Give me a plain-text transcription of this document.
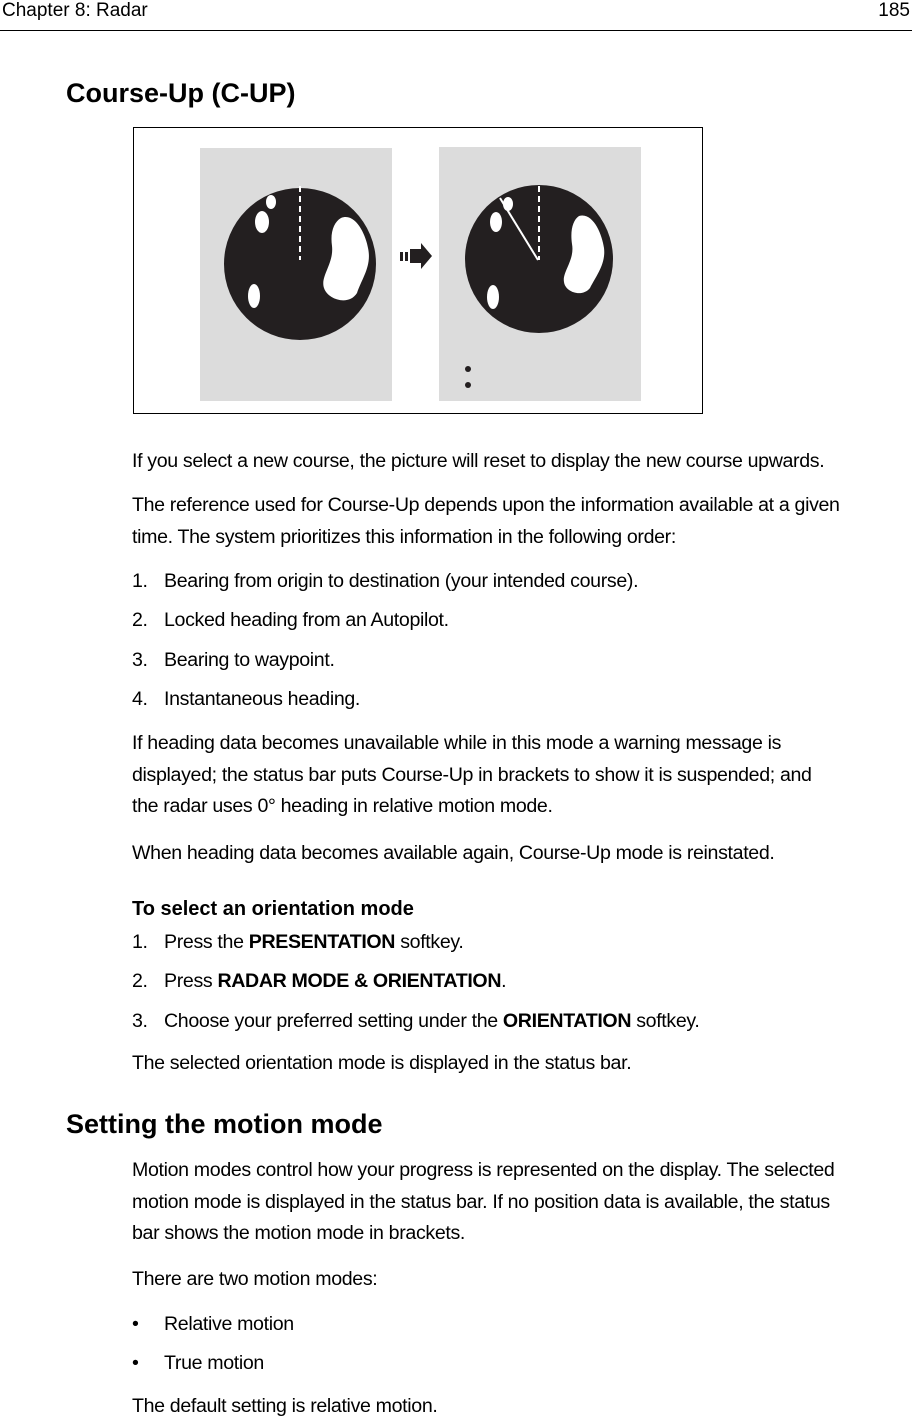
Chapter 8: Radar	185
Course-Up (C-UP)

If you select a new course, the picture will reset to display the new course upwards.

The reference used for Course-Up depends upon the information available at a given
time. The system prioritizes this information in the following order:
1. Bearing from origin to destination (your intended course).
2. Locked heading from an Autopilot.
3. Bearing to waypoint.
4. Instantaneous heading.
If heading data becomes unavailable while in this mode a warning message is
displayed; the status bar puts Course-Up in brackets to show it is suspended; and
the radar uses 0° heading in relative motion mode.

When heading data becomes available again, Course-Up mode is reinstated.

To select an orientation mode
1. Press the PRESENTATION softkey.
2. Press RADAR MODE & ORIENTATION.
3. Choose your preferred setting under the ORIENTATION softkey.

The selected orientation mode is displayed in the status bar.

Setting the motion mode
Motion modes control how your progress is represented on the display. The selected
motion mode is displayed in the status bar. If no position data is available, the status
bar shows the motion mode in brackets.

There are two motion modes:

• Relative motion
• True motion

The default setting is relative motion.
